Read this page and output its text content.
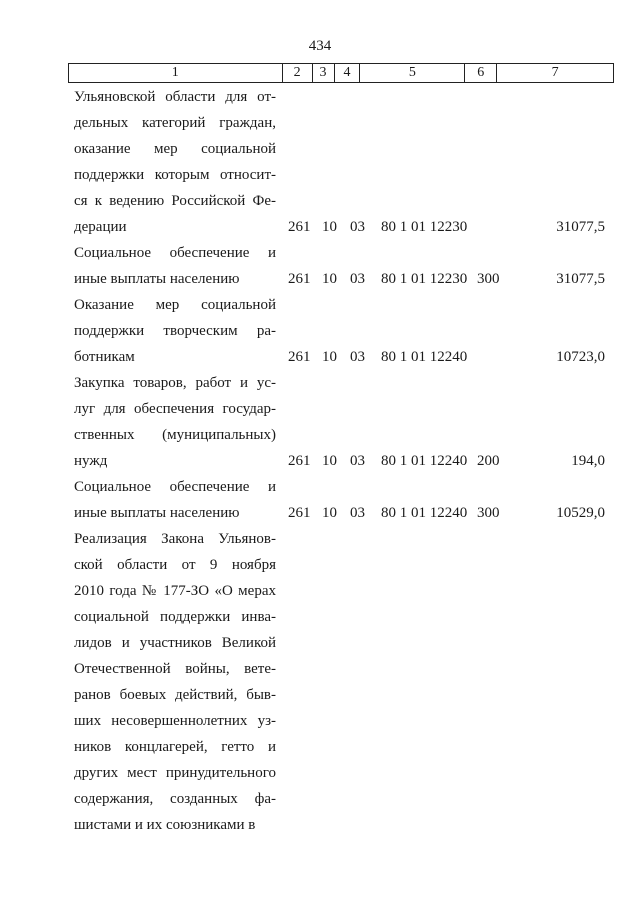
434
1	2	3	4	5	6	7
Ульяновской области для от-
дельных категорий граждан,
оказание мер социальной
поддержки которым относит-
ся к ведению Российской Фе-
дерации	261 10 03 80 1 01 12230	31077,5
Социальное обеспечение и
иные выплаты населению	261 10 03 80 1 01 12230 300	31077,5
Оказание мер социальной
поддержки творческим ра-
ботникам	261 10 03 80 1 01 12240	10723,0
Закупка товаров, работ и ус-
луг для обеспечения государ-
ственных (муниципальных)
нужд	261 10 03 80 1 01 12240 200	194,0
Социальное обеспечение и
иные выплаты населению	261 10 03 80 1 01 12240 300	10529,0
Реализация Закона Ульянов-
ской области от 9 ноября
2010 года № 177-ЗО «О мерах
социальной поддержки инва-
лидов и участников Великой
Отечественной войны, вете-
ранов боевых действий, быв-
ших несовершеннолетних уз-
ников концлагерей, гетто и
других мест принудительного
содержания, созданных фа-
шистами и их союзниками в
